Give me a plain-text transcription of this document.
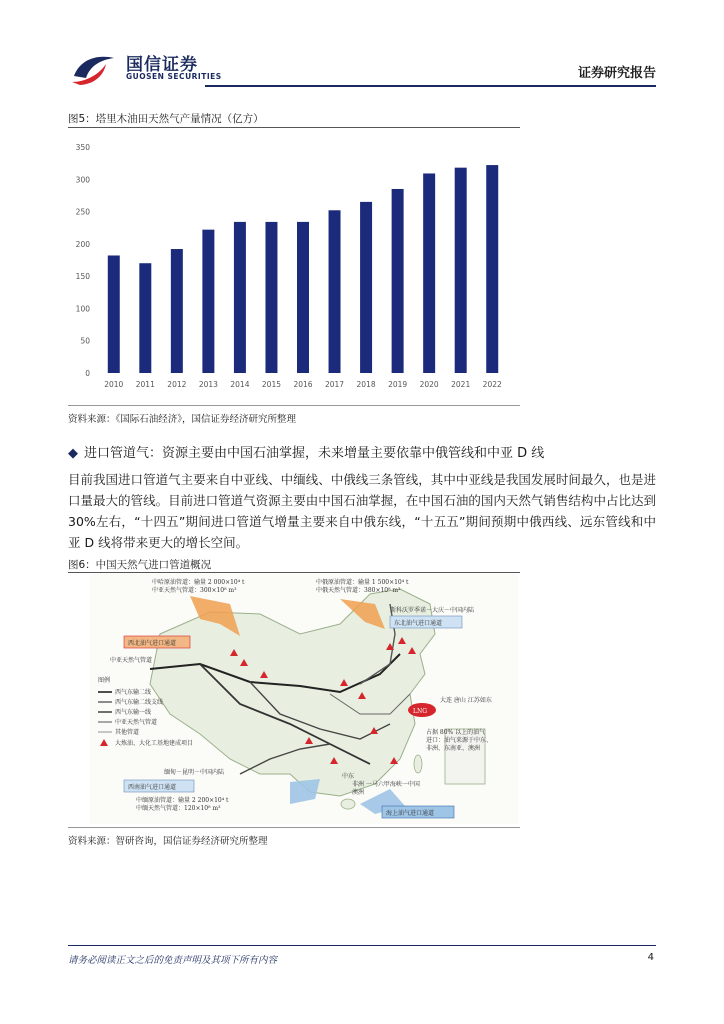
国信证券
GUOSEN SECURITIES	证券研究报告
图5：塔里木油田天然气产量情况（亿方）
0
50
100
150
200
250
300
350
2010 2011 2012 2013 2014 2015 2016 2017 2018 2019 2020 2021 2022
资料来源：《国际石油经济》，国信证券经济研究所整理
◆ 进口管道气：资源主要由中国石油掌握，未来增量主要依靠中俄管线和中亚 D 线
目前我国进口管道气主要来自中亚线、中缅线、中俄线三条管线，其中中亚线是我国发展时间最久，也是进口量最大的管线。目前进口管道气资源主要由中国石油掌握，在中国石油的国内天然气销售结构中占比达到 30%左右，“十四五”期间进口管道气增量主要来自中俄东线，“十五五”期间预期中俄西线、远东管线和中亚 D 线将带来更大的增长空间。
图6：中国天然气进口管道概况
西北油气进口通道
东北油气进口通道
西南油气进口通道
海上油气进口通道
中哈原油管道：输量 2 000×10⁴ t
中亚天然气管道：300×10⁸ m³
中俄原油管道：输量 1 500×10⁴ t
中俄天然气管道：380×10⁸ m³
斯科沃罗季诺－大庆－中国内陆
中亚天然气管道
图例
西气东输二线
西气东输二线支线
西气东输一线
中亚天然气管道
其他管道
大炼油、大化工基地建成项目
LNG
大连 唐山 江苏如东
占据 80% 以上的油气
进口：油气来源于中东、
非洲、东南亚、澳洲
缅甸－昆明－中国内陆
中缅原油管道：输量 2 200×10⁴ t
中缅天然气管道：120×10⁸ m³
中东
非洲 一马六甲海峡一中国
澳洲
资料来源：智研咨询，国信证券经济研究所整理
请务必阅读正文之后的免责声明及其项下所有内容	4
